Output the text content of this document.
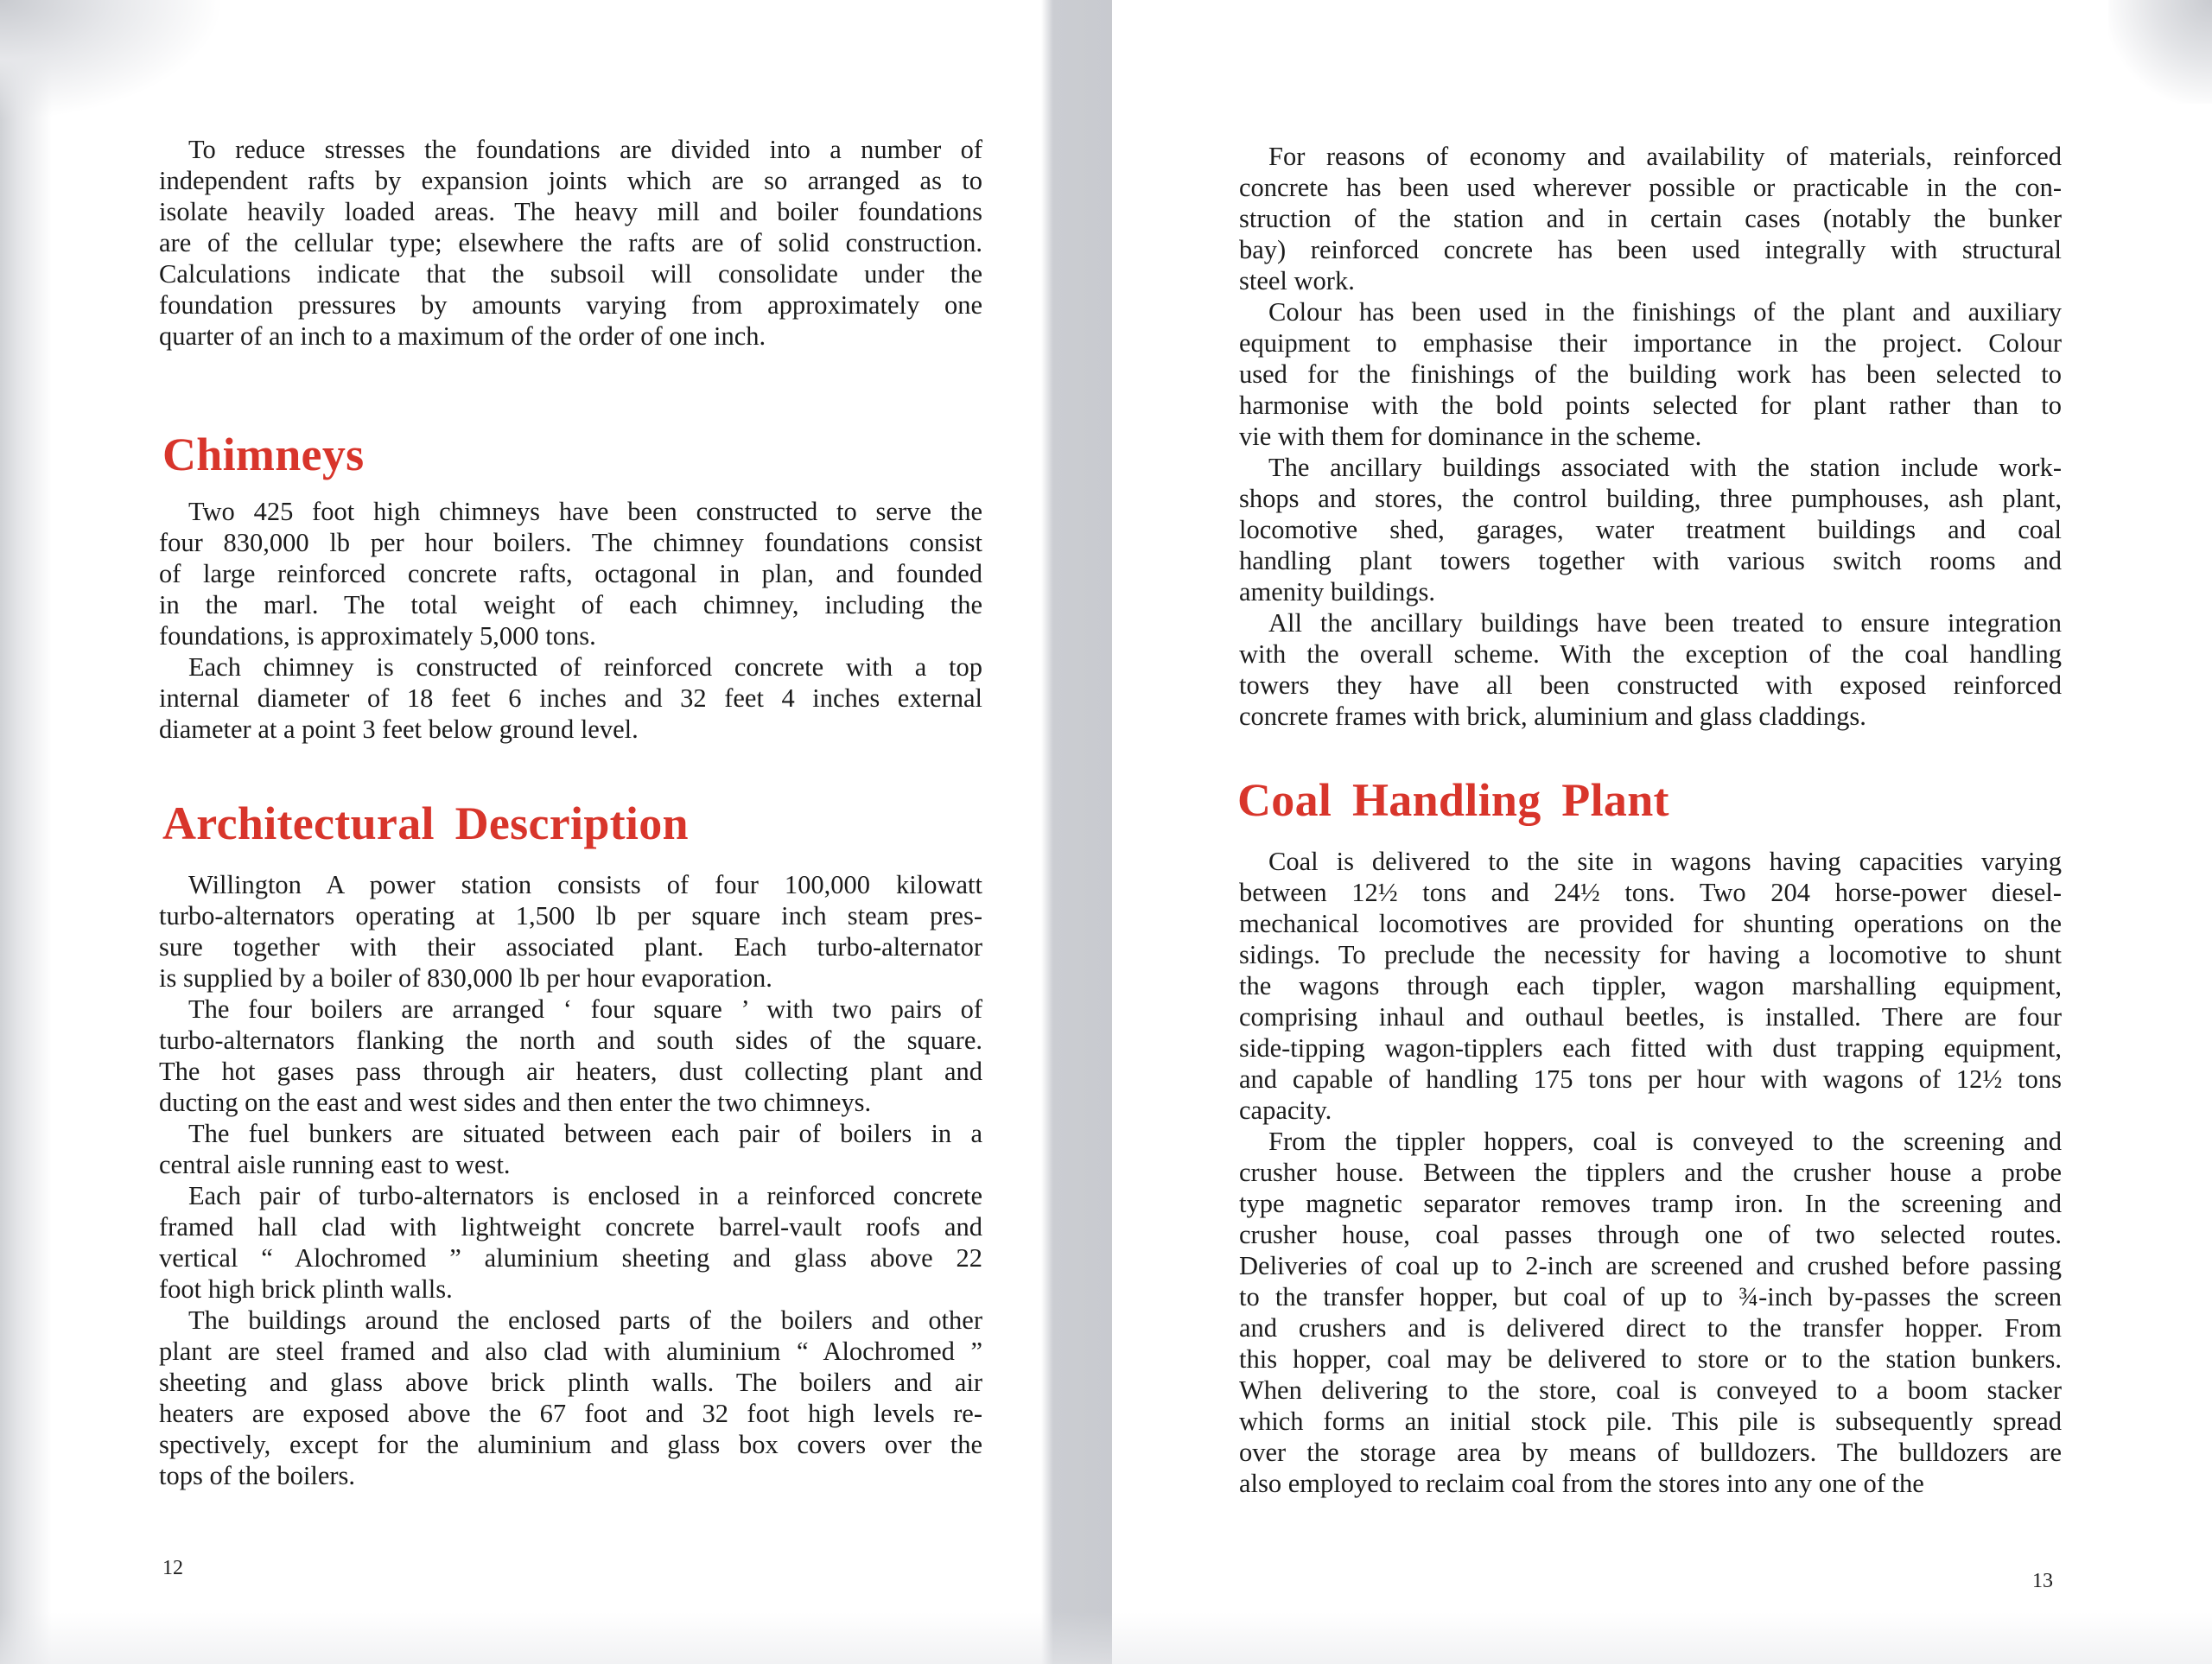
To reduce stresses the foundations are divided into a number of
independent rafts by expansion joints which are so arranged as to
isolate heavily loaded areas. The heavy mill and boiler foundations
are of the cellular type; elsewhere the rafts are of solid construction.
Calculations indicate that the subsoil will consolidate under the
foundation pressures by amounts varying from approximately one
quarter of an inch to a maximum of the order of one inch.
Chimneys
Two 425 foot high chimneys have been constructed to serve the
four 830,000 lb per hour boilers. The chimney foundations consist
of large reinforced concrete rafts, octagonal in plan, and founded
in the marl. The total weight of each chimney, including the
foundations, is approximately 5,000 tons.
Each chimney is constructed of reinforced concrete with a top
internal diameter of 18 feet 6 inches and 32 feet 4 inches external
diameter at a point 3 feet below ground level.
Architectural Description
Willington A power station consists of four 100,000 kilowatt
turbo-alternators operating at 1,500 lb per square inch steam pres-
sure together with their associated plant. Each turbo-alternator
is supplied by a boiler of 830,000 lb per hour evaporation.
The four boilers are arranged ‘ four square ’ with two pairs of
turbo-alternators flanking the north and south sides of the square.
The hot gases pass through air heaters, dust collecting plant and
ducting on the east and west sides and then enter the two chimneys.
The fuel bunkers are situated between each pair of boilers in a
central aisle running east to west.
Each pair of turbo-alternators is enclosed in a reinforced concrete
framed hall clad with lightweight concrete barrel-vault roofs and
vertical “ Alochromed ” aluminium sheeting and glass above 22
foot high brick plinth walls.
The buildings around the enclosed parts of the boilers and other
plant are steel framed and also clad with aluminium “ Alochromed ”
sheeting and glass above brick plinth walls. The boilers and air
heaters are exposed above the 67 foot and 32 foot high levels re-
spectively, except for the aluminium and glass box covers over the
tops of the boilers.
12
For reasons of economy and availability of materials, reinforced
concrete has been used wherever possible or practicable in the con-
struction of the station and in certain cases (notably the bunker
bay) reinforced concrete has been used integrally with structural
steel work.
Colour has been used in the finishings of the plant and auxiliary
equipment to emphasise their importance in the project. Colour
used for the finishings of the building work has been selected to
harmonise with the bold points selected for plant rather than to
vie with them for dominance in the scheme.
The ancillary buildings associated with the station include work-
shops and stores, the control building, three pumphouses, ash plant,
locomotive shed, garages, water treatment buildings and coal
handling plant towers together with various switch rooms and
amenity buildings.
All the ancillary buildings have been treated to ensure integration
with the overall scheme. With the exception of the coal handling
towers they have all been constructed with exposed reinforced
concrete frames with brick, aluminium and glass claddings.
Coal Handling Plant
Coal is delivered to the site in wagons having capacities varying
between 12½ tons and 24½ tons. Two 204 horse-power diesel-
mechanical locomotives are provided for shunting operations on the
sidings. To preclude the necessity for having a locomotive to shunt
the wagons through each tippler, wagon marshalling equipment,
comprising inhaul and outhaul beetles, is installed. There are four
side-tipping wagon-tipplers each fitted with dust trapping equipment,
and capable of handling 175 tons per hour with wagons of 12½ tons
capacity.
From the tippler hoppers, coal is conveyed to the screening and
crusher house. Between the tipplers and the crusher house a probe
type magnetic separator removes tramp iron. In the screening and
crusher house, coal passes through one of two selected routes.
Deliveries of coal up to 2-inch are screened and crushed before passing
to the transfer hopper, but coal of up to ¾-inch by-passes the screen
and crushers and is delivered direct to the transfer hopper. From
this hopper, coal may be delivered to store or to the station bunkers.
When delivering to the store, coal is conveyed to a boom stacker
which forms an initial stock pile. This pile is subsequently spread
over the storage area by means of bulldozers. The bulldozers are
also employed to reclaim coal from the stores into any one of the
13
